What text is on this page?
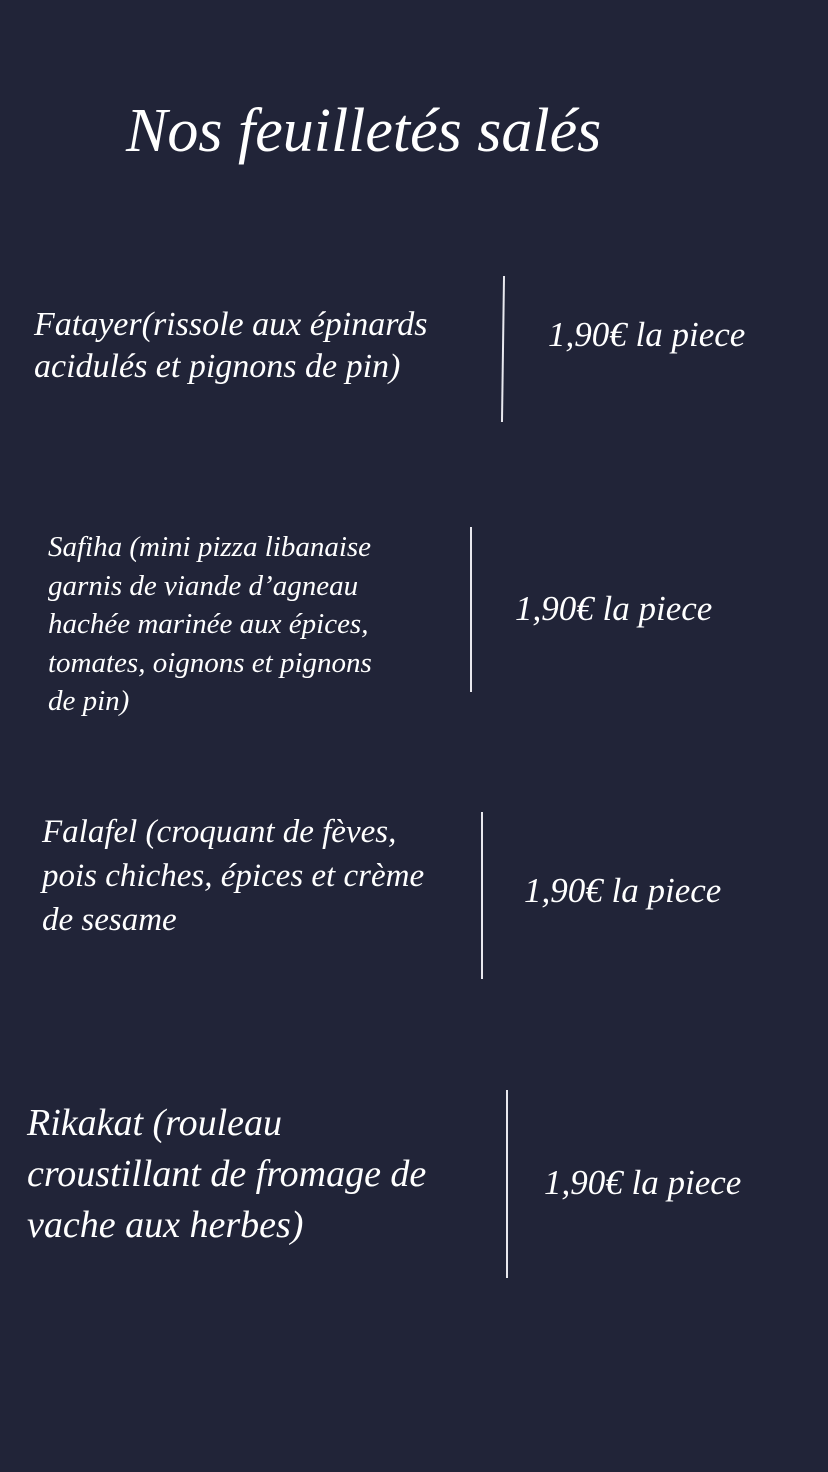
Nos feuilletés salés
Fatayer(rissole aux épinards
acidulés et pignons de pin)
1,90€ la piece
Safiha (mini pizza libanaise
garnis de viande d’agneau
hachée marinée aux épices,
tomates, oignons et pignons
de pin)
1,90€ la piece
Falafel (croquant de fèves,
pois chiches, épices et crème
de sesame
1,90€ la piece
Rikakat (rouleau
croustillant de fromage de
vache aux herbes)
1,90€ la piece
